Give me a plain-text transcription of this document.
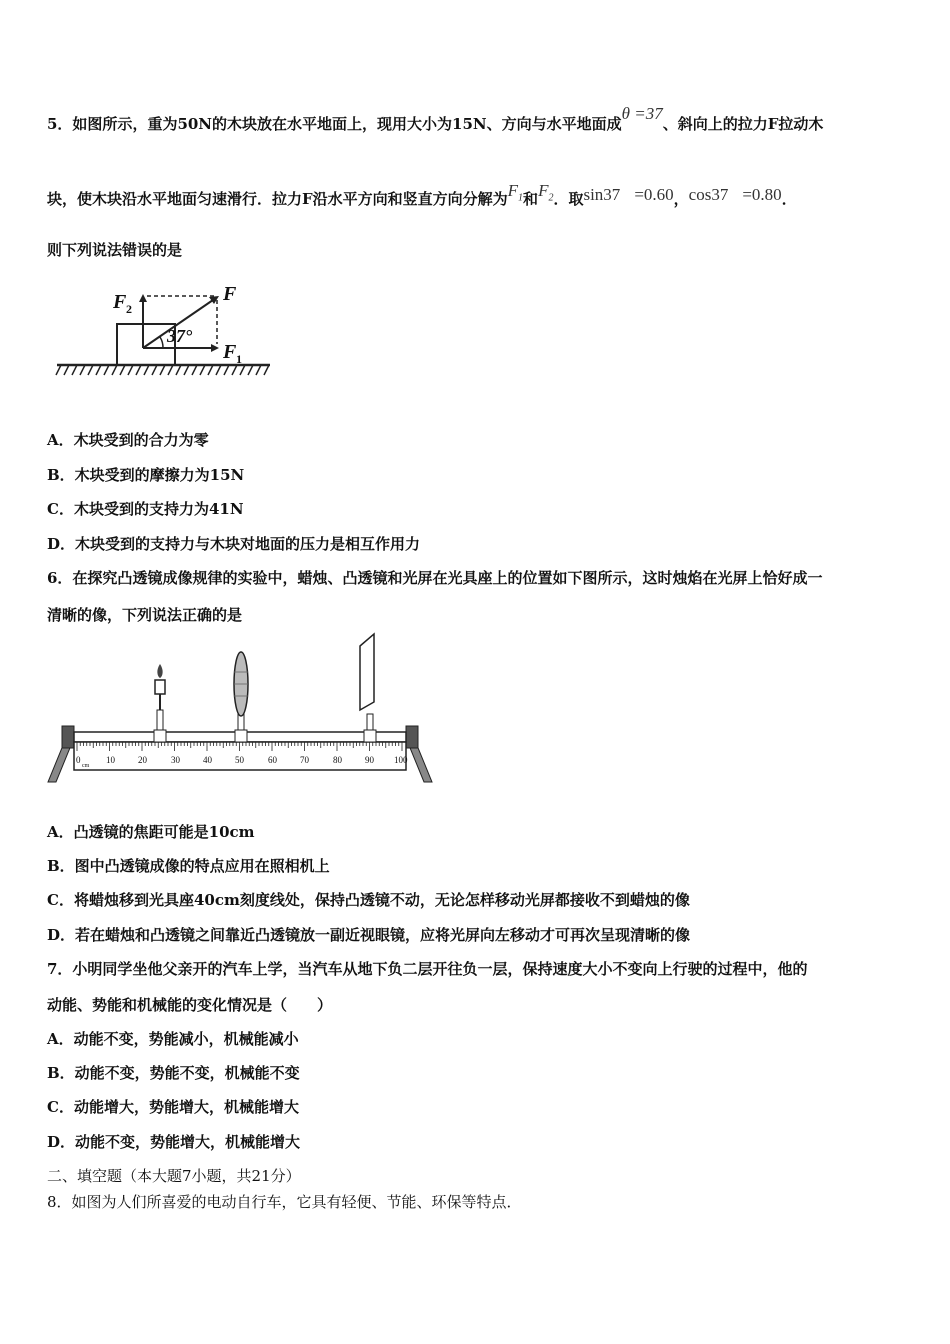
5．如图所示，重为50N的木块放在水平地面上，现用大小为15N、方向与水平地面成θ =37、斜向上的拉力F拉动木
块，使木块沿水平地面匀速滑行．拉力F沿水平方向和竖直方向分解为$F_1$和$F_2$．取sin37 =0.60，cos37 =0.80．
则下列说法错误的是
F
F 2
37°
F 1
A．木块受到的合力为零
B．木块受到的摩擦力为15N
C．木块受到的支持力为41N
D．木块受到的支持力与木块对地面的压力是相互作用力
6．在探究凸透镜成像规律的实验中，蜡烛、凸透镜和光屏在光具座上的位置如下图所示，这时烛焰在光屏上恰好成一
清晰的像，下列说法正确的是
0
cm
10	20	30	40	50	60	70	80	90 100
A．凸透镜的焦距可能是10cm
B．图中凸透镜成像的特点应用在照相机上
C．将蜡烛移到光具座40cm刻度线处，保持凸透镜不动，无论怎样移动光屏都接收不到蜡烛的像
D．若在蜡烛和凸透镜之间靠近凸透镜放一副近视眼镜，应将光屏向左移动才可再次呈现清晰的像
7．小明同学坐他父亲开的汽车上学，当汽车从地下负二层开往负一层，保持速度大小不变向上行驶的过程中，他的
动能、势能和机械能的变化情况是（　　）
A．动能不变，势能减小，机械能减小
B．动能不变，势能不变，机械能不变
C．动能增大，势能增大，机械能增大
D．动能不变，势能增大，机械能增大
二、填空题（本大题7小题，共21分）
8．如图为人们所喜爱的电动自行车，它具有轻便、节能、环保等特点．
